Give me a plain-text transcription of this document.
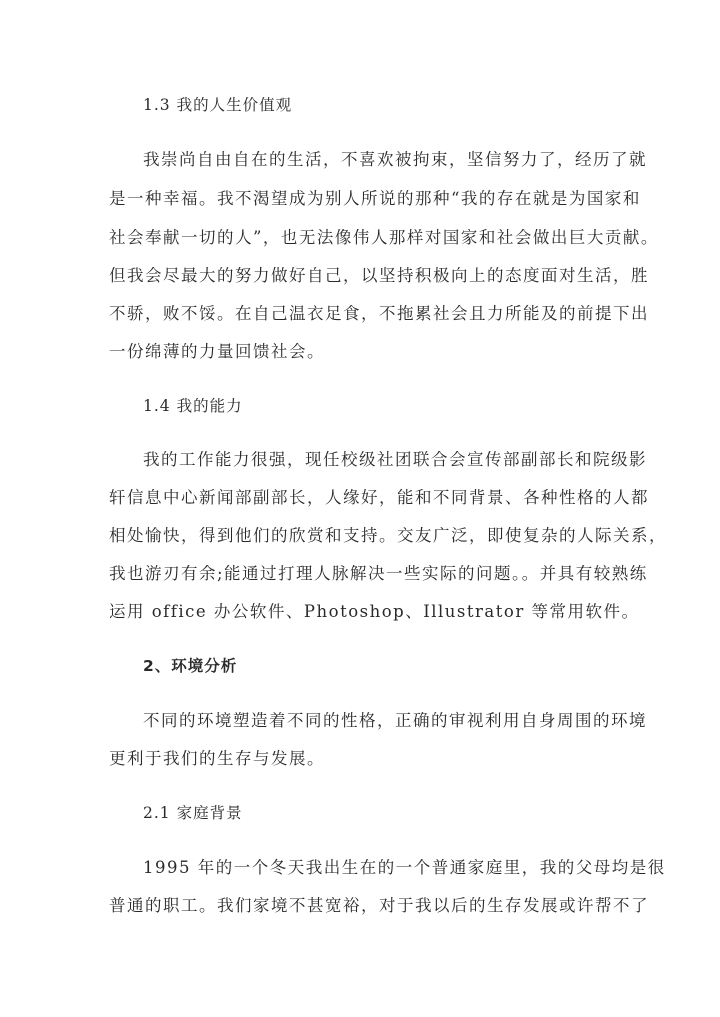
1.3 我的人生价值观
我崇尚自由自在的生活，不喜欢被拘束，坚信努力了，经历了就
是一种幸福。我不渴望成为别人所说的那种“我的存在就是为国家和
社会奉献一切的人”，也无法像伟人那样对国家和社会做出巨大贡献。
但我会尽最大的努力做好自己，以坚持积极向上的态度面对生活，胜
不骄，败不馁。在自己温衣足食，不拖累社会且力所能及的前提下出
一份绵薄的力量回馈社会。
1.4 我的能力
我的工作能力很强，现任校级社团联合会宣传部副部长和院级影
轩信息中心新闻部副部长，人缘好，能和不同背景、各种性格的人都
相处愉快，得到他们的欣赏和支持。交友广泛，即使复杂的人际关系，
我也游刃有余;能通过打理人脉解决一些实际的问题。。并具有较熟练
运用 office 办公软件、Photoshop、Illustrator 等常用软件。
2、环境分析
不同的环境塑造着不同的性格，正确的审视利用自身周围的环境
更利于我们的生存与发展。
2.1 家庭背景
1995 年的一个冬天我出生在的一个普通家庭里，我的父母均是很
普通的职工。我们家境不甚宽裕，对于我以后的生存发展或许帮不了
